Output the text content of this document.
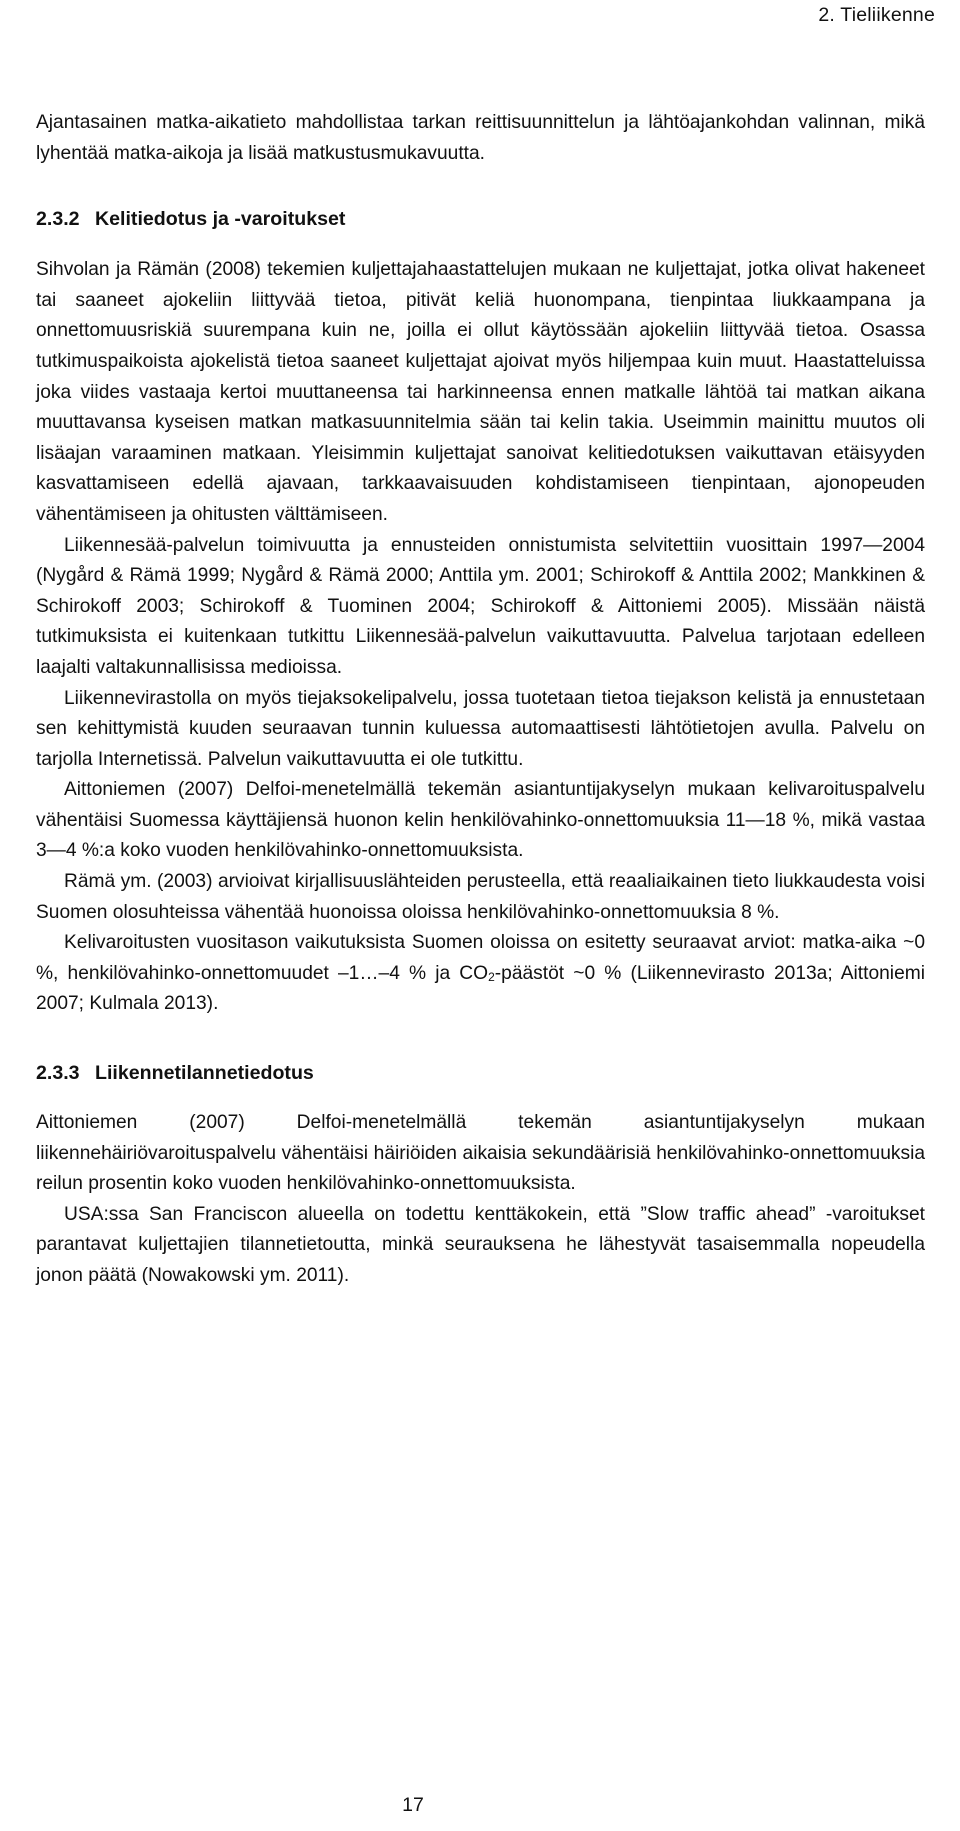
2. Tieliikenne

Ajantasainen matka-aikatieto mahdollistaa tarkan reittisuunnittelun ja lähtöajankohdan valinnan, mikä lyhentää matka-aikoja ja lisää matkustusmukavuutta.

2.3.2 Kelitiedotus ja -varoitukset

Sihvolan ja Rämän (2008) tekemien kuljettajahaastattelujen mukaan ne kuljettajat, jotka olivat hakeneet tai saaneet ajokeliin liittyvää tietoa, pitivät keliä huonompana, tienpintaa liukkaampana ja onnettomuusriskiä suurempana kuin ne, joilla ei ollut käytössään ajokeliin liittyvää tietoa. Osassa tutkimuspaikoista ajokelistä tietoa saaneet kuljettajat ajoivat myös hiljempaa kuin muut. Haastatteluissa joka viides vastaaja kertoi muuttaneensa tai harkinneensa ennen matkalle lähtöä tai matkan aikana muuttavansa kyseisen matkan matkasuunnitelmia sään tai kelin takia. Useimmin mainittu muutos oli lisäajan varaaminen matkaan. Yleisimmin kuljettajat sanoivat kelitiedotuksen vaikuttavan etäisyyden kasvattamiseen edellä ajavaan, tarkkaavaisuuden kohdistamiseen tienpintaan, ajonopeuden vähentämiseen ja ohitusten välttämiseen.

Liikennesää-palvelun toimivuutta ja ennusteiden onnistumista selvitettiin vuosittain 1997—2004 (Nygård & Rämä 1999; Nygård & Rämä 2000; Anttila ym. 2001; Schirokoff & Anttila 2002; Mankkinen & Schirokoff 2003; Schirokoff & Tuominen 2004; Schirokoff & Aittoniemi 2005). Missään näistä tutkimuksista ei kuitenkaan tutkittu Liikennesää-palvelun vaikuttavuutta. Palvelua tarjotaan edelleen laajalti valtakunnallisissa medioissa.

Liikennevirastolla on myös tiejaksokelipalvelu, jossa tuotetaan tietoa tiejakson kelistä ja ennustetaan sen kehittymistä kuuden seuraavan tunnin kuluessa automaattisesti lähtötietojen avulla. Palvelu on tarjolla Internetissä. Palvelun vaikuttavuutta ei ole tutkittu.

Aittoniemen (2007) Delfoi-menetelmällä tekemän asiantuntijakyselyn mukaan kelivaroituspalvelu vähentäisi Suomessa käyttäjiensä huonon kelin henkilövahinko-onnettomuuksia 11—18 %, mikä vastaa 3—4 %:a koko vuoden henkilövahinko-onnettomuuksista.

Rämä ym. (2003) arvioivat kirjallisuuslähteiden perusteella, että reaaliaikainen tieto liukkaudesta voisi Suomen olosuhteissa vähentää huonoissa oloissa henkilövahinko-onnettomuuksia 8 %.

Kelivaroitusten vuositason vaikutuksista Suomen oloissa on esitetty seuraavat arviot: matka-aika ~0 %, henkilövahinko-onnettomuudet –1…–4 % ja $CO_2$-päästöt ~0 % (Liikennevirasto 2013a; Aittoniemi 2007; Kulmala 2013).

2.3.3 Liikennetilannetiedotus

Aittoniemen (2007) Delfoi-menetelmällä tekemän asiantuntijakyselyn mukaan liikennehäiriövaroituspalvelu vähentäisi häiriöiden aikaisia sekundäärisiä henkilövahinko-onnettomuuksia reilun prosentin koko vuoden henkilövahinko-onnettomuuksista.

USA:ssa San Franciscon alueella on todettu kenttäkokein, että ”Slow traffic ahead” -varoitukset parantavat kuljettajien tilannetietoutta, minkä seurauksena he lähestyvät tasaisemmalla nopeudella jonon päätä (Nowakowski ym. 2011).

17
